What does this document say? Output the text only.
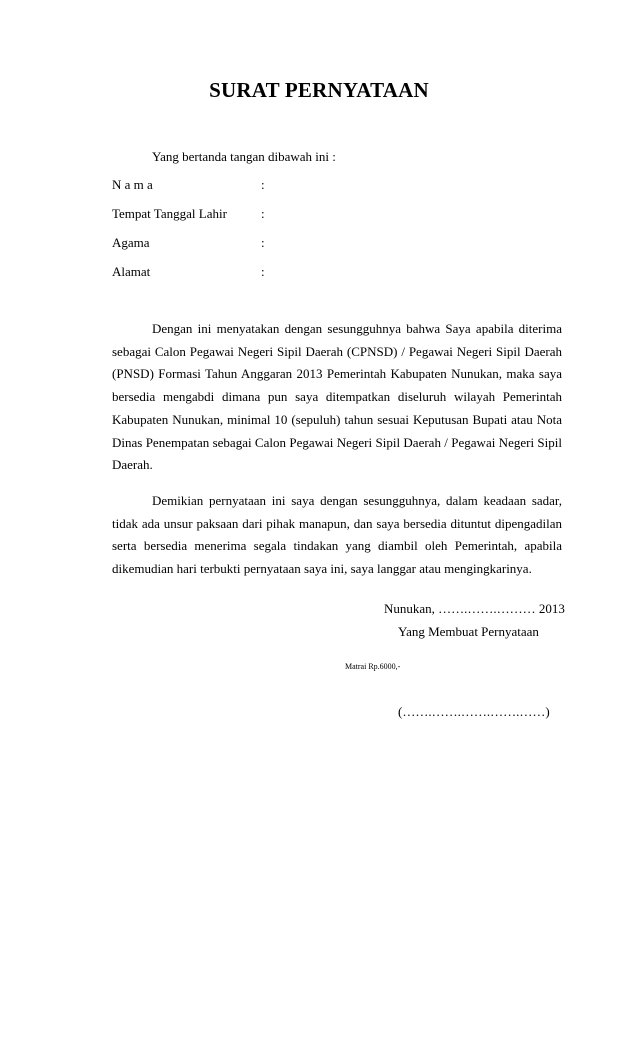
SURAT PERNYATAAN
Yang bertanda tangan dibawah ini :
N a m a	:
Tempat Tanggal Lahir	:
Agama	:
Alamat	:

Dengan ini menyatakan dengan sesungguhnya bahwa Saya apabila diterima sebagai Calon Pegawai Negeri Sipil Daerah (CPNSD) / Pegawai Negeri Sipil Daerah (PNSD) Formasi Tahun Anggaran 2013 Pemerintah Kabupaten Nunukan, maka saya bersedia mengabdi dimana pun saya ditempatkan diseluruh wilayah Pemerintah Kabupaten Nunukan, minimal 10 (sepuluh) tahun sesuai Keputusan Bupati atau Nota Dinas Penempatan sebagai Calon Pegawai Negeri Sipil Daerah / Pegawai Negeri Sipil Daerah.

Demikian pernyataan ini saya dengan sesungguhnya, dalam keadaan sadar, tidak ada unsur paksaan dari pihak manapun, dan saya bersedia dituntut dipengadilan serta bersedia menerima segala tindakan yang diambil oleh Pemerintah, apabila dikemudian hari terbukti pernyataan saya ini, saya langgar atau mengingkarinya.

Nunukan, …….…….……… 2013
Yang Membuat Pernyataan
Matrai Rp.6000,-
(…….…….…….…….……)
